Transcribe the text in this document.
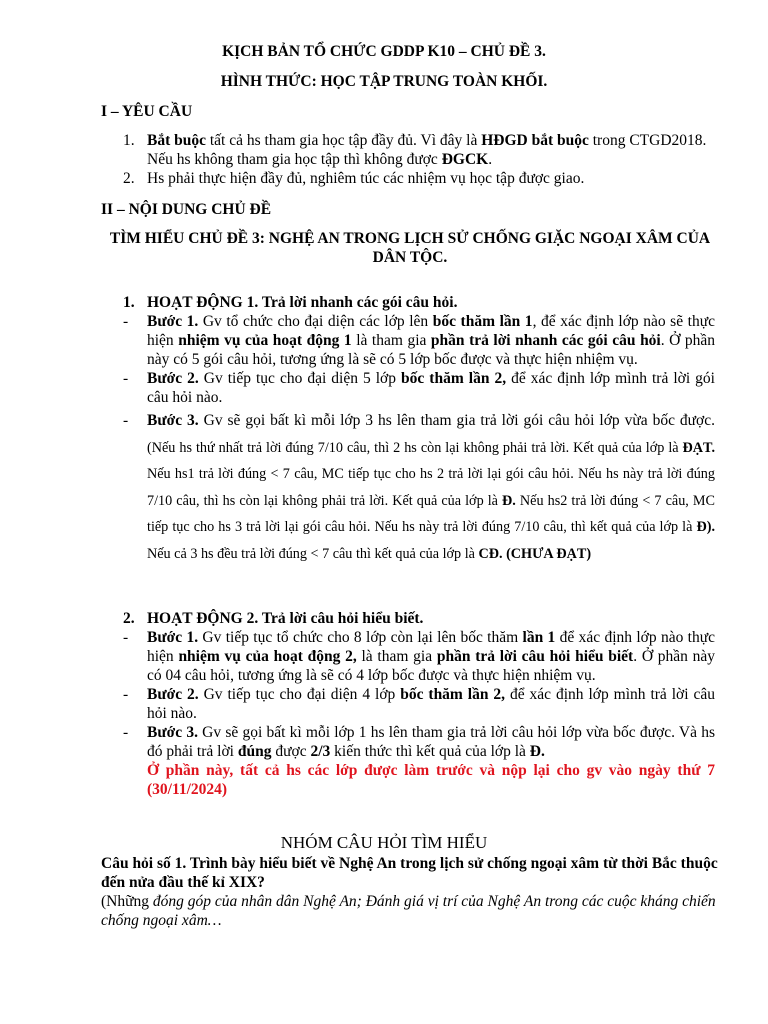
KỊCH BẢN TỔ CHỨC GDDP K10 – CHỦ ĐỀ 3.
HÌNH THỨC: HỌC TẬP TRUNG TOÀN KHỐI.
I – YÊU CẦU
1. Bắt buộc tất cả hs tham gia học tập đầy đủ. Vì đây là HĐGD bắt buộc trong CTGD2018. Nếu hs không tham gia học tập thì không được ĐGCK.
2. Hs phải thực hiện đầy đủ, nghiêm túc các nhiệm vụ học tập được giao.
II – NỘI DUNG CHỦ ĐỀ
TÌM HIỂU CHỦ ĐỀ 3: NGHỆ AN TRONG LỊCH SỬ CHỐNG GIẶC NGOẠI XÂM CỦA DÂN TỘC.
1. HOẠT ĐỘNG 1. Trả lời nhanh các gói câu hỏi.
- Bước 1. Gv tổ chức cho đại diện các lớp lên bốc thăm lần 1, để xác định lớp nào sẽ thực hiện nhiệm vụ của hoạt động 1 là tham gia phần trả lời nhanh các gói câu hỏi. Ở phần này có 5 gói câu hỏi, tương ứng là sẽ có 5 lớp bốc được và thực hiện nhiệm vụ.
- Bước 2. Gv tiếp tục cho đại diện 5 lớp bốc thăm lần 2, để xác định lớp mình trả lời gói câu hỏi nào.
- Bước 3. Gv sẽ gọi bất kì mỗi lớp 3 hs lên tham gia trả lời gói câu hỏi lớp vừa bốc được. (Nếu hs thứ nhất trả lời đúng 7/10 câu, thì 2 hs còn lại không phải trả lời. Kết quả của lớp là ĐẠT. Nếu hs1 trả lời đúng < 7 câu, MC tiếp tục cho hs 2 trả lời lại gói câu hỏi. Nếu hs này trả lời đúng 7/10 câu, thì hs còn lại không phải trả lời. Kết quả của lớp là Đ. Nếu hs2 trả lời đúng < 7 câu, MC tiếp tục cho hs 3 trả lời lại gói câu hỏi. Nếu hs này trả lời đúng 7/10 câu, thì kết quả của lớp là Đ). Nếu cả 3 hs đều trả lời đúng < 7 câu thì kết quả của lớp là CĐ. (CHƯA ĐẠT)
2. HOẠT ĐỘNG 2. Trả lời câu hỏi hiểu biết.
- Bước 1. Gv tiếp tục tổ chức cho 8 lớp còn lại lên bốc thăm lần 1 để xác định lớp nào thực hiện nhiệm vụ của hoạt động 2, là tham gia phần trả lời câu hỏi hiểu biết. Ở phần này có 04 câu hỏi, tương ứng là sẽ có 4 lớp bốc được và thực hiện nhiệm vụ.
- Bước 2. Gv tiếp tục cho đại diện 4 lớp bốc thăm lần 2, để xác định lớp mình trả lời câu hỏi nào.
- Bước 3. Gv sẽ gọi bất kì mỗi lớp 1 hs lên tham gia trả lời câu hỏi lớp vừa bốc được. Và hs đó phải trả lời đúng được 2/3 kiến thức thì kết quả của lớp là Đ.
Ở phần này, tất cả hs các lớp được làm trước và nộp lại cho gv vào ngày thứ 7 (30/11/2024)
NHÓM CÂU HỎI TÌM HIỂU
Câu hỏi số 1. Trình bày hiểu biết về Nghệ An trong lịch sử chống ngoại xâm từ thời Bắc thuộc đến nửa đầu thế kỉ XIX?
(Những đóng góp của nhân dân Nghệ An; Đánh giá vị trí của Nghệ An trong các cuộc kháng chiến chống ngoại xâm…
